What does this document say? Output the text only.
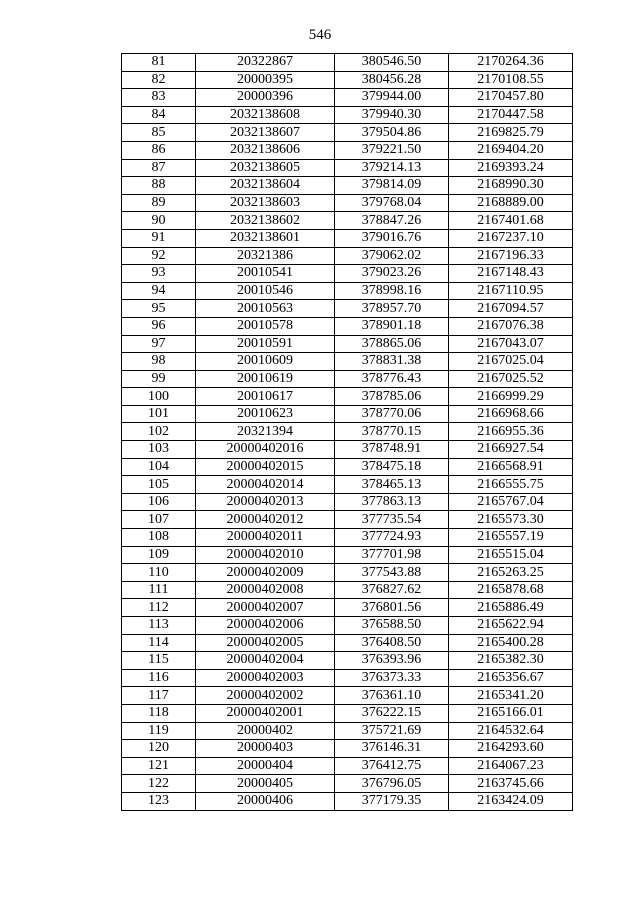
546
81	20322867	380546.50	2170264.36
82	20000395	380456.28	2170108.55
83	20000396	379944.00	2170457.80
84	2032138608	379940.30	2170447.58
85	2032138607	379504.86	2169825.79
86	2032138606	379221.50	2169404.20
87	2032138605	379214.13	2169393.24
88	2032138604	379814.09	2168990.30
89	2032138603	379768.04	2168889.00
90	2032138602	378847.26	2167401.68
91	2032138601	379016.76	2167237.10
92	20321386	379062.02	2167196.33
93	20010541	379023.26	2167148.43
94	20010546	378998.16	2167110.95
95	20010563	378957.70	2167094.57
96	20010578	378901.18	2167076.38
97	20010591	378865.06	2167043.07
98	20010609	378831.38	2167025.04
99	20010619	378776.43	2167025.52
100	20010617	378785.06	2166999.29
101	20010623	378770.06	2166968.66
102	20321394	378770.15	2166955.36
103	20000402016	378748.91	2166927.54
104	20000402015	378475.18	2166568.91
105	20000402014	378465.13	2166555.75
106	20000402013	377863.13	2165767.04
107	20000402012	377735.54	2165573.30
108	20000402011	377724.93	2165557.19
109	20000402010	377701.98	2165515.04
110	20000402009	377543.88	2165263.25
111	20000402008	376827.62	2165878.68
112	20000402007	376801.56	2165886.49
113	20000402006	376588.50	2165622.94
114	20000402005	376408.50	2165400.28
115	20000402004	376393.96	2165382.30
116	20000402003	376373.33	2165356.67
117	20000402002	376361.10	2165341.20
118	20000402001	376222.15	2165166.01
119	20000402	375721.69	2164532.64
120	20000403	376146.31	2164293.60
121	20000404	376412.75	2164067.23
122	20000405	376796.05	2163745.66
123	20000406	377179.35	2163424.09
